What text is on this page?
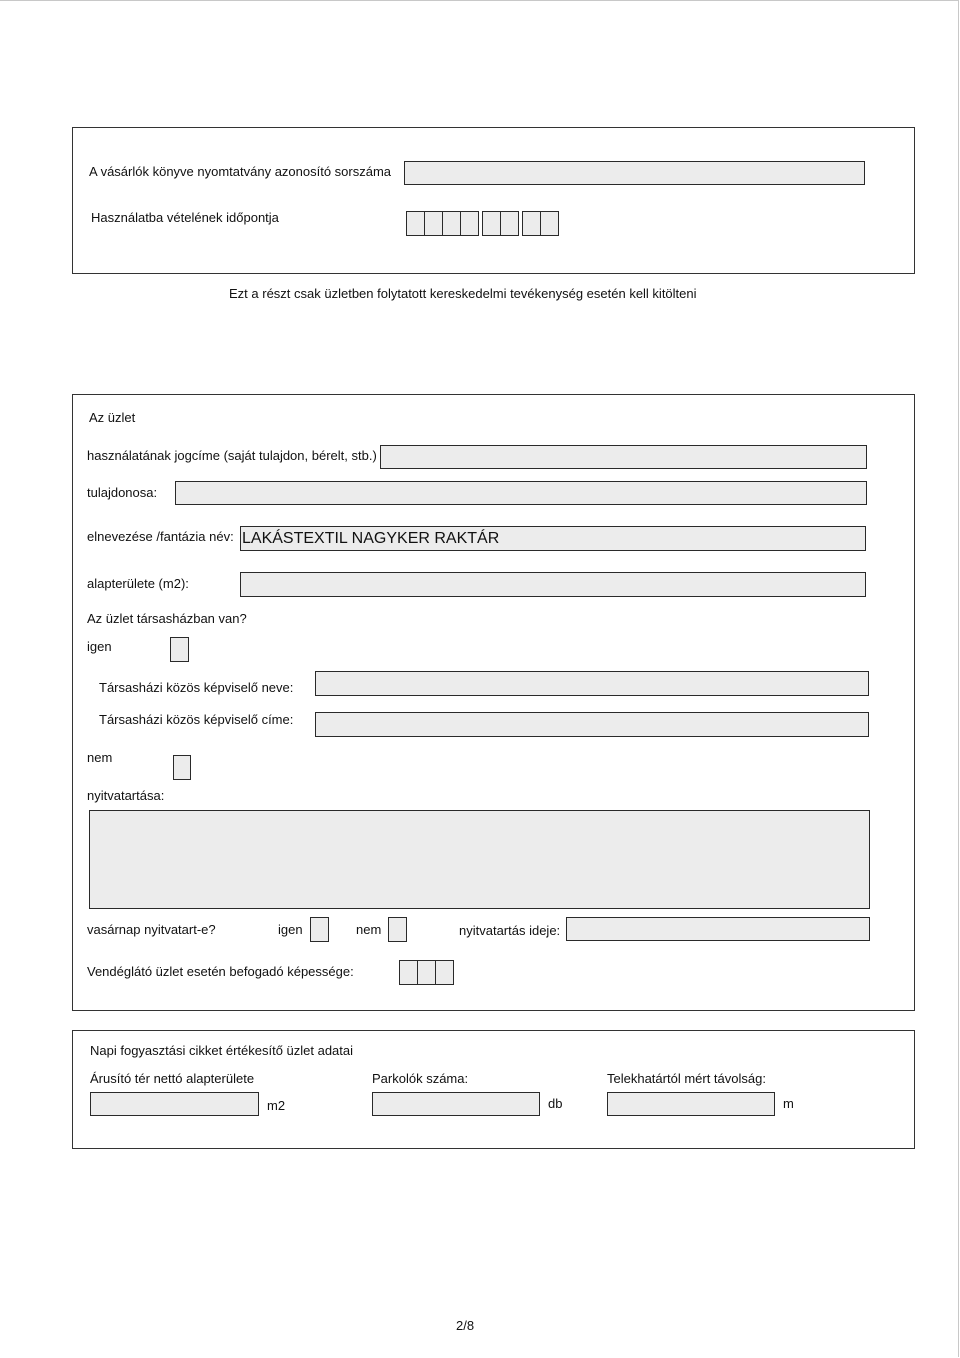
A vásárlók könyve nyomtatvány azonosító sorszáma
Használatba vételének időpontja
Ezt a részt csak üzletben folytatott kereskedelmi tevékenység esetén kell kitölteni
Az üzlet
használatának jogcíme (saját tulajdon, bérelt, stb.)
tulajdonosa:
elnevezése /fantázia név: LAKÁSTEXTIL NAGYKER RAKTÁR
alapterülete (m2):
Az üzlet társasházban van?
igen
Társasházi közös képviselő neve:
Társasházi közös képviselő címe:
nem
nyitvatartása:
vasárnap nyitvatart-e?	igen	nem	nyitvatartás ideje:
Vendéglátó üzlet esetén befogadó képessége:
Napi fogyasztási cikket értékesítő üzlet adatai
Árusító tér nettó alapterülete
m2
Parkolók száma:
db
Telekhatártól mért távolság:
m
2/8
